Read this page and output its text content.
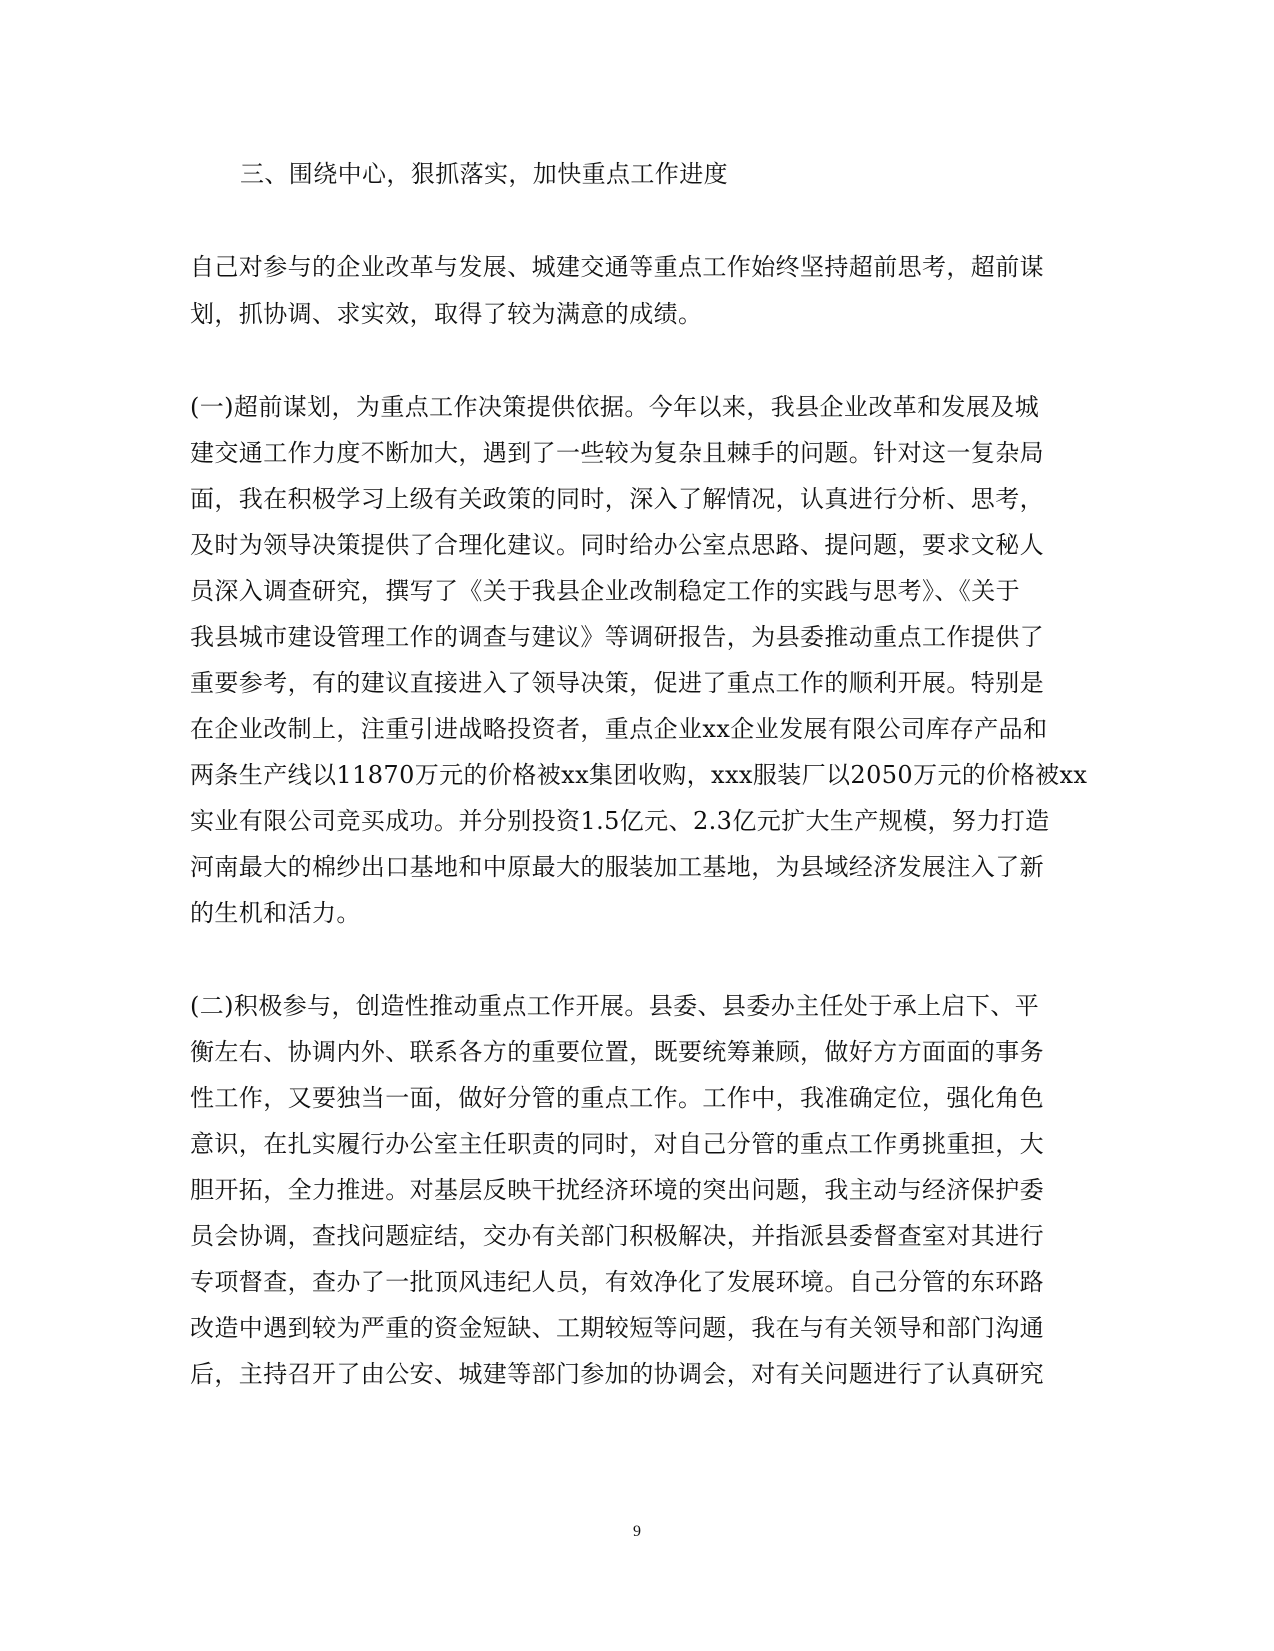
三、围绕中心，狠抓落实，加快重点工作进度
自己对参与的企业改革与发展、城建交通等重点工作始终坚持超前思考，超前谋
划，抓协调、求实效，取得了较为满意的成绩。
(一)超前谋划，为重点工作决策提供依据。今年以来，我县企业改革和发展及城
建交通工作力度不断加大，遇到了一些较为复杂且棘手的问题。针对这一复杂局
面，我在积极学习上级有关政策的同时，深入了解情况，认真进行分析、思考，
及时为领导决策提供了合理化建议。同时给办公室点思路、提问题，要求文秘人
员深入调查研究，撰写了《关于我县企业改制稳定工作的实践与思考》、《关于
我县城市建设管理工作的调查与建议》等调研报告，为县委推动重点工作提供了
重要参考，有的建议直接进入了领导决策，促进了重点工作的顺利开展。特别是
在企业改制上，注重引进战略投资者，重点企业xx企业发展有限公司库存产品和
两条生产线以11870万元的价格被xx集团收购，xxx服装厂以2050万元的价格被xx
实业有限公司竞买成功。并分别投资1.5亿元、2.3亿元扩大生产规模，努力打造
河南最大的棉纱出口基地和中原最大的服装加工基地，为县域经济发展注入了新
的生机和活力。
(二)积极参与，创造性推动重点工作开展。县委、县委办主任处于承上启下、平
衡左右、协调内外、联系各方的重要位置，既要统筹兼顾，做好方方面面的事务
性工作，又要独当一面，做好分管的重点工作。工作中，我准确定位，强化角色
意识，在扎实履行办公室主任职责的同时，对自己分管的重点工作勇挑重担，大
胆开拓，全力推进。对基层反映干扰经济环境的突出问题，我主动与经济保护委
员会协调，查找问题症结，交办有关部门积极解决，并指派县委督查室对其进行
专项督查，查办了一批顶风违纪人员，有效净化了发展环境。自己分管的东环路
改造中遇到较为严重的资金短缺、工期较短等问题，我在与有关领导和部门沟通
后，主持召开了由公安、城建等部门参加的协调会，对有关问题进行了认真研究
9
